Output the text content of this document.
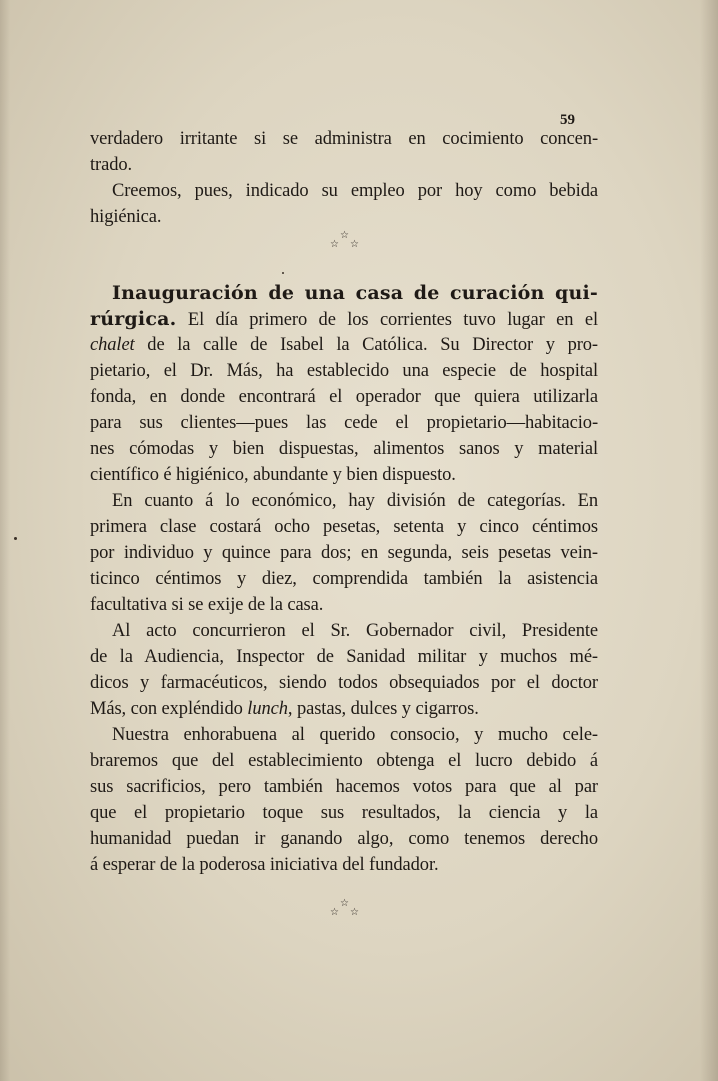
59
verdadero irritante si se administra en cocimiento concen-
trado.
Creemos, pues, indicado su empleo por hoy como bebida
higiénica.
☆
☆ ☆
Inauguración de una casa de curación qui-
rúrgica. El día primero de los corrientes tuvo lugar en el
chalet de la calle de Isabel la Católica. Su Director y pro-
pietario, el Dr. Más, ha establecido una especie de hospital
fonda, en donde encontrará el operador que quiera utilizarla
para sus clientes—pues las cede el propietario—habitacio-
nes cómodas y bien dispuestas, alimentos sanos y material
científico é higiénico, abundante y bien dispuesto.
En cuanto á lo económico, hay división de categorías. En
primera clase costará ocho pesetas, setenta y cinco céntimos
por individuo y quince para dos; en segunda, seis pesetas vein-
ticinco céntimos y diez, comprendida también la asistencia
facultativa si se exije de la casa.
Al acto concurrieron el Sr. Gobernador civil, Presidente
de la Audiencia, Inspector de Sanidad militar y muchos mé-
dicos y farmacéuticos, siendo todos obsequiados por el doctor
Más, con expléndido lunch, pastas, dulces y cigarros.
Nuestra enhorabuena al querido consocio, y mucho cele-
braremos que del establecimiento obtenga el lucro debido á
sus sacrificios, pero también hacemos votos para que al par
que el propietario toque sus resultados, la ciencia y la
humanidad puedan ir ganando algo, como tenemos derecho
á esperar de la poderosa iniciativa del fundador.
☆
☆ ☆
